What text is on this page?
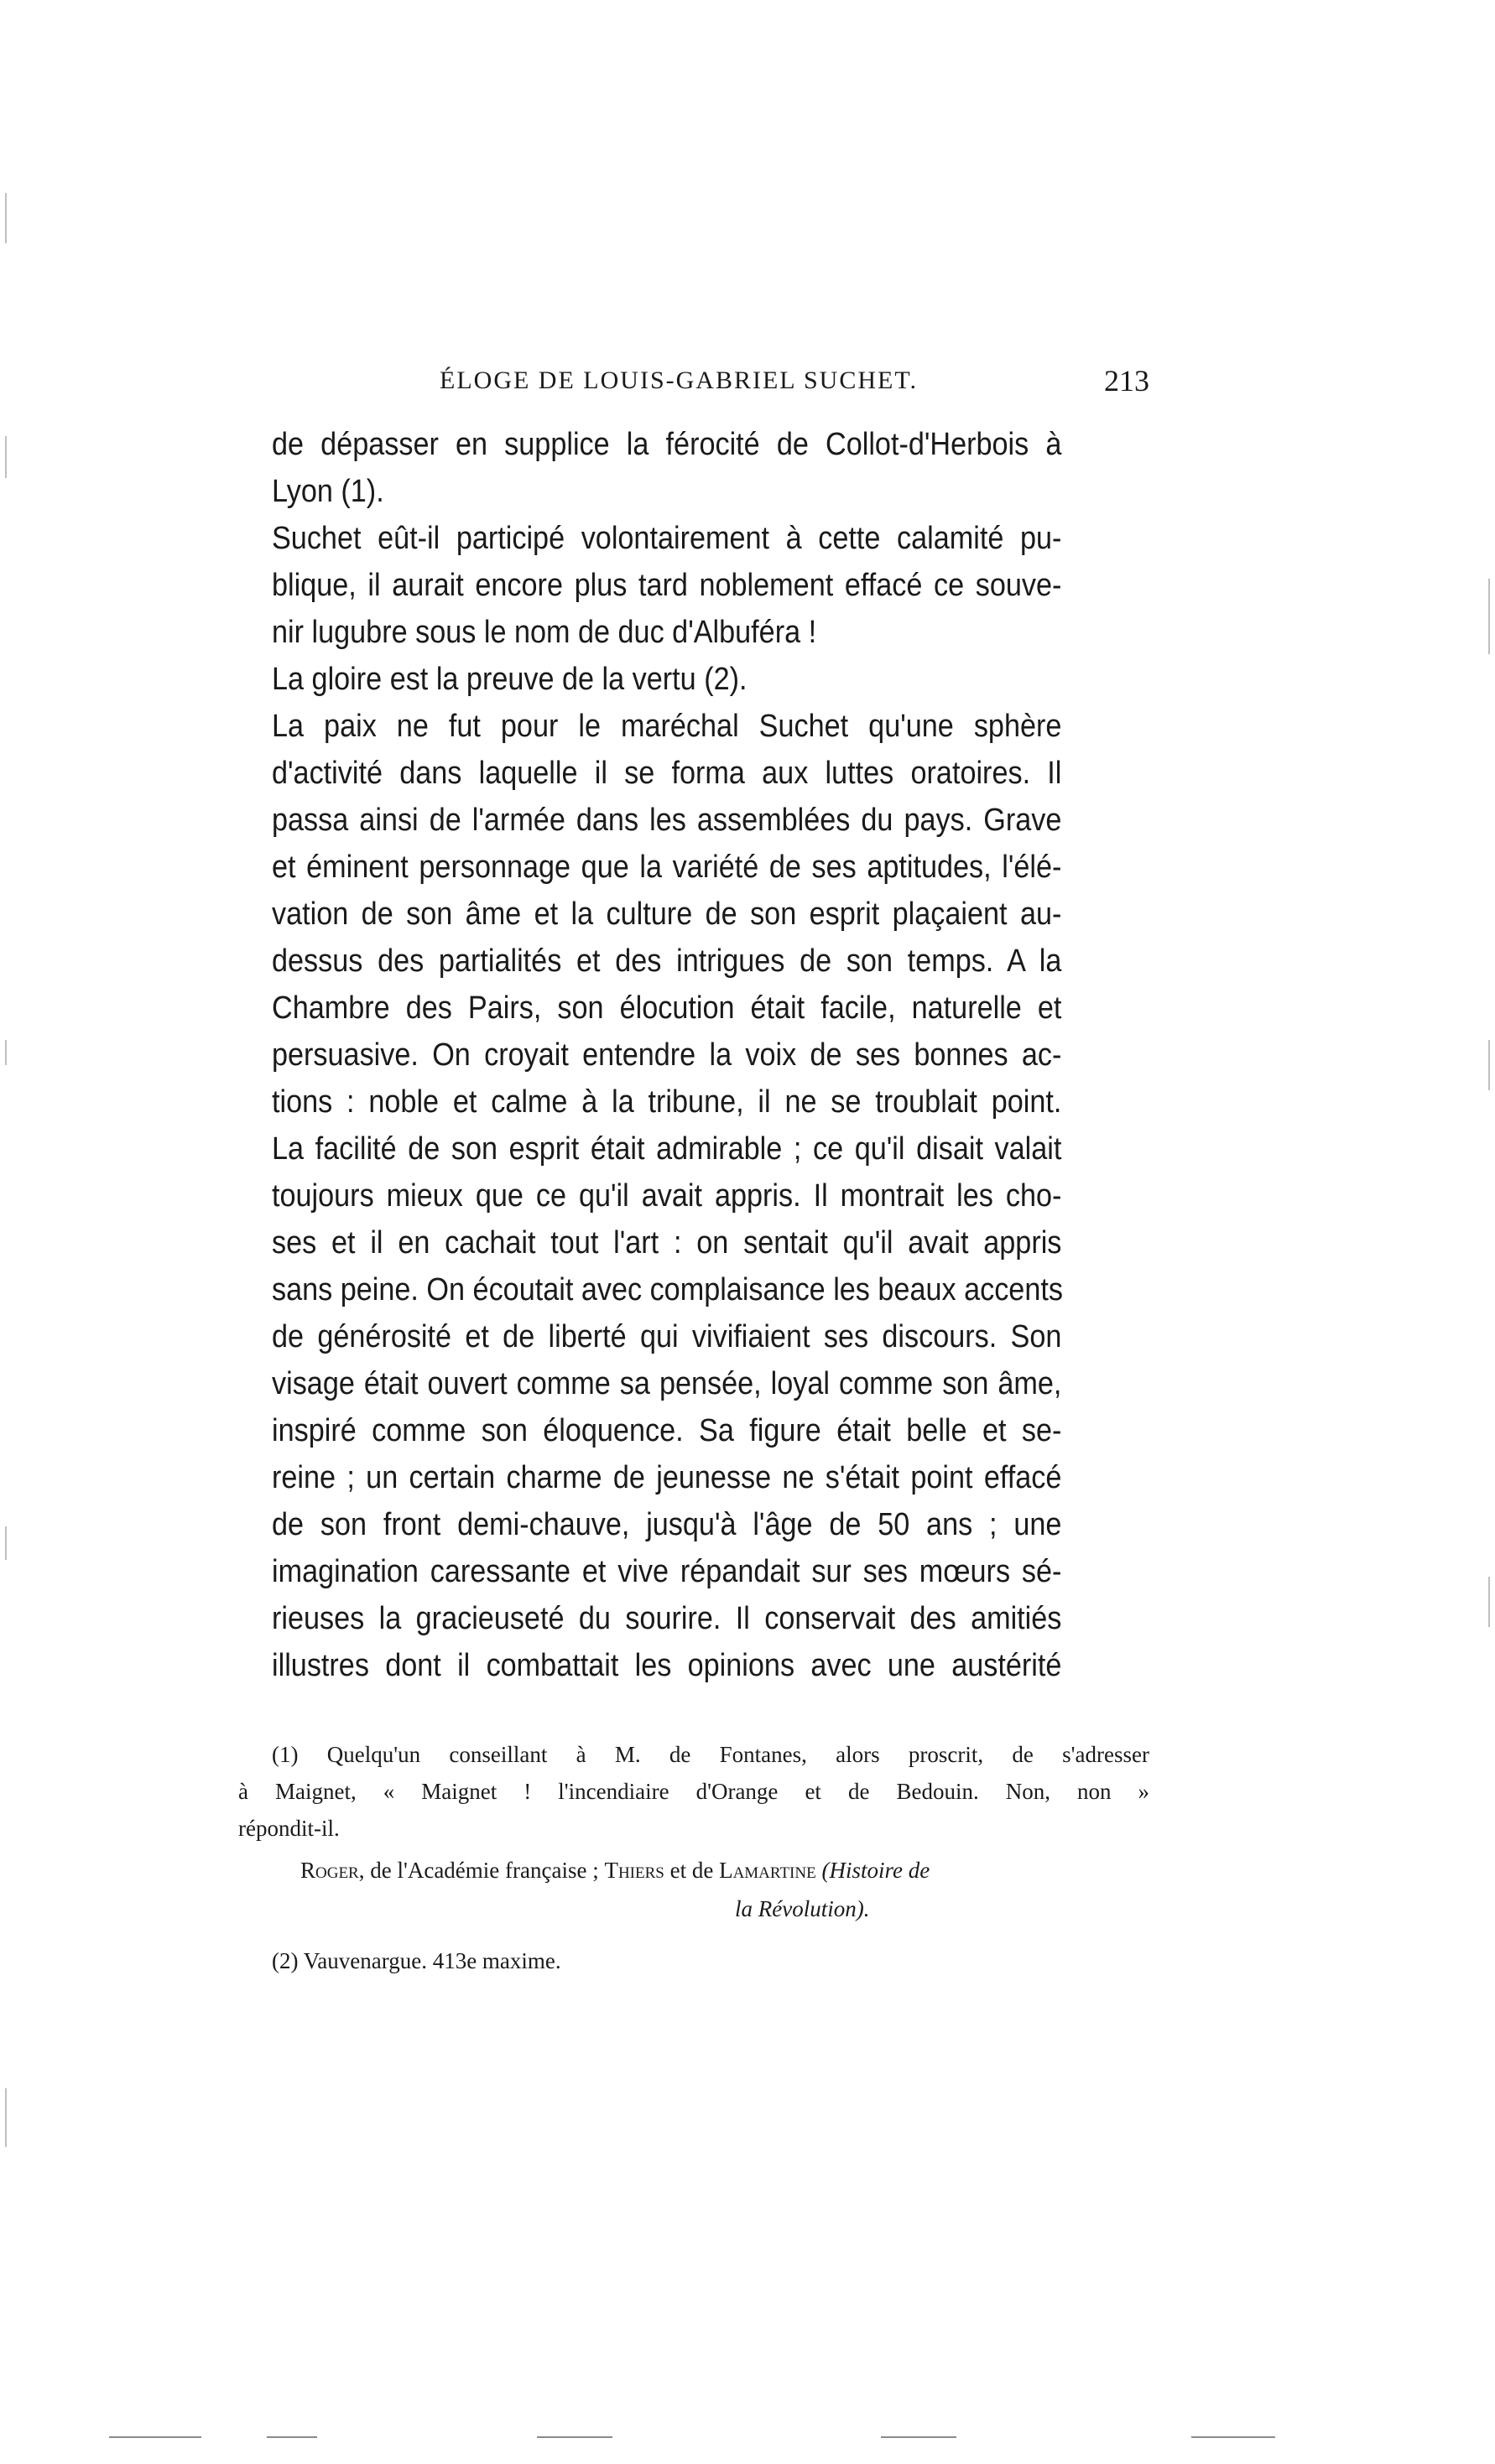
ÉLOGE DE LOUIS-GABRIEL SUCHET.	213
de dépasser en supplice la férocité de Collot-d'Herbois à
Lyon (1).
Suchet eût-il participé volontairement à cette calamité pu-
blique, il aurait encore plus tard noblement effacé ce souve-
nir lugubre sous le nom de duc d'Albuféra !
La gloire est la preuve de la vertu (2).
La paix ne fut pour le maréchal Suchet qu'une sphère
d'activité dans laquelle il se forma aux luttes oratoires. Il
passa ainsi de l'armée dans les assemblées du pays. Grave
et éminent personnage que la variété de ses aptitudes, l'élé-
vation de son âme et la culture de son esprit plaçaient au-
dessus des partialités et des intrigues de son temps. A la
Chambre des Pairs, son élocution était facile, naturelle et
persuasive. On croyait entendre la voix de ses bonnes ac-
tions : noble et calme à la tribune, il ne se troublait point.
La facilité de son esprit était admirable ; ce qu'il disait valait
toujours mieux que ce qu'il avait appris. Il montrait les cho-
ses et il en cachait tout l'art : on sentait qu'il avait appris
sans peine. On écoutait avec complaisance les beaux accents
de générosité et de liberté qui vivifiaient ses discours. Son
visage était ouvert comme sa pensée, loyal comme son âme,
inspiré comme son éloquence. Sa figure était belle et se-
reine ; un certain charme de jeunesse ne s'était point effacé
de son front demi-chauve, jusqu'à l'âge de 50 ans ; une
imagination caressante et vive répandait sur ses mœurs sé-
rieuses la gracieuseté du sourire. Il conservait des amitiés
illustres dont il combattait les opinions avec une austérité
(1) Quelqu'un conseillant à M. de Fontanes, alors proscrit, de s'adresser
à Maignet, « Maignet ! l'incendiaire d'Orange et de Bedouin. Non, non »
répondit-il.
Roger, de l'Académie française ; Thiers et de Lamartine (Histoire de
la Révolution).
(2) Vauvenargue. 413e maxime.
